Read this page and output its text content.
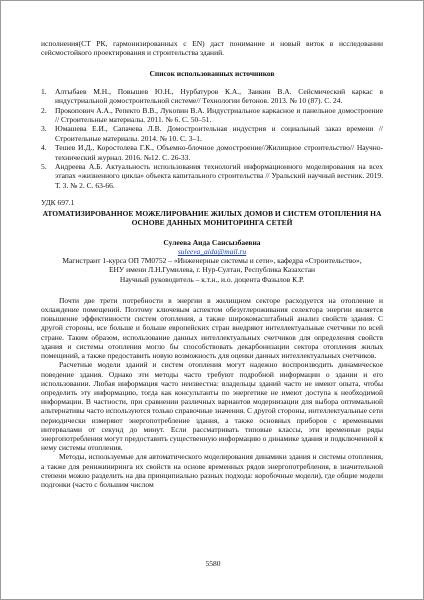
исполнения(СТ РК, гармонизированных с EN) даст понимание и новый виток в исследовании сейсмостойкого проектирования и строительства зданий.

Список использованных источников

1. Алтыбаев М.Н., Повышев Ю.Н., Нурбатуров К.А., Заикин В.А. Сейсмический каркас в индустриальной домостроительной системе// Технологии бетонов. 2013. № 10 (87). С. 24.
2. Прокопович А.А., Репекто В.В., Лукonин В.А. Индустриальное каркасное и панельное домостроение // Строительные материалы. 2011. № 6. С. 50–51.
3. Юмашева Е.И., Сапачева Л.В. Домостроительная индустрия и социальный заказ времени // Строительные материалы. 2014. № 10. С. 3–1.
4. Тешев И.Д., Коростолева Г.К., Объемно-блочное домостроение//Жилищное строительство// Научно-технический журнал. 2016. №12. С. 26-33.
5. Андреева А.Б. Актуальность использования технологий информационного моделирования на всех этапах «жизненного цикла» объекта капитального строительства // Уральский научный вестник. 2019. Т. 3. № 2. С. 63-66.

УДК 697.1

АТОМАТИЗИРОВАННОЕ МОЖЕЛИРОВАНИЕ ЖИЛЫХ ДОМОВ И СИСТЕМ ОТОПЛЕНИЯ НА ОСНОВЕ ДАННЫХ МОНИТОРИНГА СЕТЕЙ

Сулеева Аида Сансызбаевна

suleeva_aida@mail.ru

Магистрант 1-курса ОП 7М0752 – «Инженерные системы и сети», кафедра «Строительство»,

ЕНУ имени Л.Н.Гумилева, г. Нур-Султан, Республика Казахстан

Научный руководитель – к.т.н., и.о. доцента Фазылов К.Р.

Почти две трети потребности в энергии в жилищном секторе расходуется на отопление и охлаждение помещений. Поэтому ключевым аспектом обезуглероживания селектора энергии является повышение эффективности систем отопления, а также широкомасштабный анализ свойств здания. С другой стороны, все больше и больше европейских стран внедряют интеллектуальные счетчики по всей стране. Таким образом, использование данных интеллектуальных счетчиков для определения свойств здания и системы отопления могло бы способствовать декарбонизации сектора отопления жилых помещений, а также предоставить новую возможность для оценки данных интеллектуальных счетчиков.

Расчетные модели зданий и систем отопления могут надежно воспроизводить динамическое поведение здания. Однако эти методы часто требуют подробной информации о здании и его использовании. Любая информация часто неизвестна: владельцы зданий часто не имеют опыта, чтобы определить эту информацию, тогда как консультанты по энергетике не имеют доступа к необходимой информации. В частности, при сравнении различных вариантов модернизации для выбора оптимальной альтернативы часто используются только справочные значения. С другой стороны, интеллектуальные сети периодически измеряют энергопотребление здания, а также основных приборов с временными интервалами от секунд до минут. Если рассматривать типовые классы, эти временные ряды энергопотребления могут предоставить существенную информацию о динамике здания и подключенной к нему системы отопления.

Методы, используемые для автоматического моделирования динамики здания и системы отопления, а также для реинжиниринга их свойств на основе временных рядов энергопотребления, в значительной степени можно разделить на два принципиально разных подхода: коробочные модели), где общие модели подгонки (часто с большим числом

5580
